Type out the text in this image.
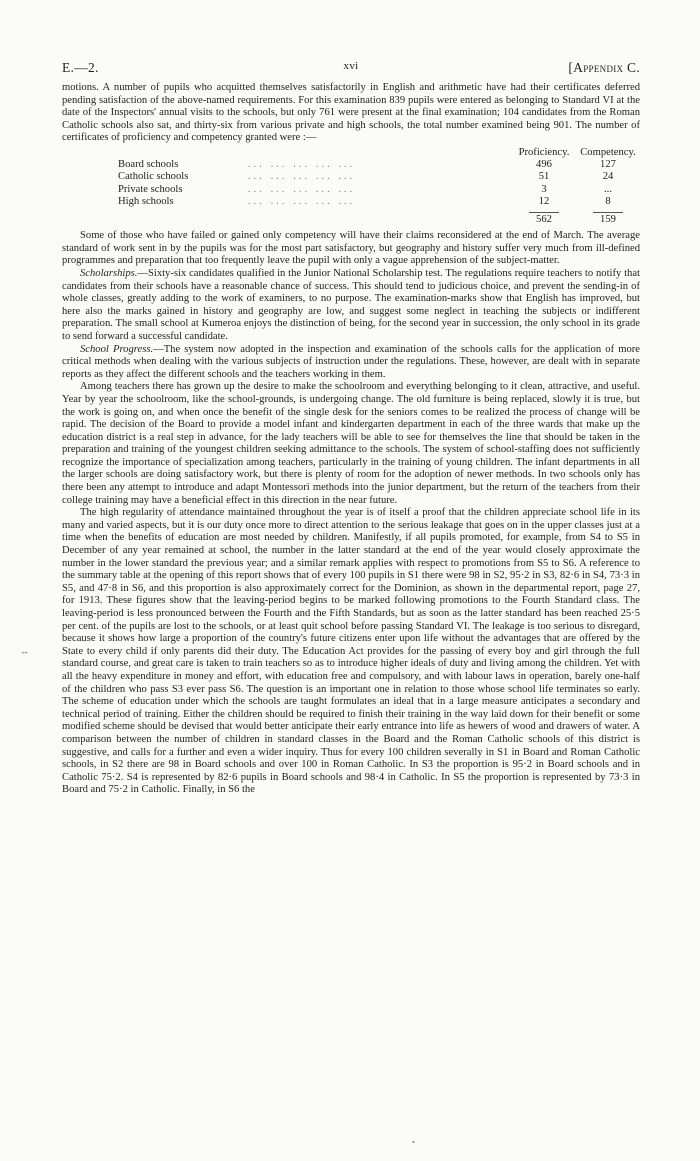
E.—2.	xvi	[Appendix C.

motions. A number of pupils who acquitted themselves satisfactorily in English and arithmetic have had their certificates deferred pending satisfaction of the above-named requirements. For this examination 839 pupils were entered as belonging to Standard VI at the date of the Inspectors' annual visits to the schools, but only 761 were present at the final examination; 104 candidates from the Roman Catholic schools also sat, and thirty-six from various private and high schools, the total number examined being 901. The number of certificates of proficiency and competency granted were :—

		Proficiency.	Competency.
Board schools	... ... ... ... ...	496	127
Catholic schools	... ... ... ... ...	51	24
Private schools	... ... ... ... ...	3	...
High schools	... ... ... ... ...	12	8

562	159

Some of those who have failed or gained only competency will have their claims reconsidered at the end of March. The average standard of work sent in by the pupils was for the most part satisfactory, but geography and history suffer very much from ill-defined programmes and preparation that too frequently leave the pupil with only a vague apprehension of the subject-matter.

Scholarships.—Sixty-six candidates qualified in the Junior National Scholarship test. The regulations require teachers to notify that candidates from their schools have a reasonable chance of success. This should tend to judicious choice, and prevent the sending-in of whole classes, greatly adding to the work of examiners, to no purpose. The examination-marks show that English has improved, but here also the marks gained in history and geography are low, and suggest some neglect in teaching the subjects or indifferent preparation. The small school at Kumeroa enjoys the distinction of being, for the second year in succession, the only school in its grade to send forward a successful candidate.

School Progress.—The system now adopted in the inspection and examination of the schools calls for the application of more critical methods when dealing with the various subjects of instruction under the regulations. These, however, are dealt with in separate reports as they affect the different schools and the teachers working in them.

Among teachers there has grown up the desire to make the schoolroom and everything belonging to it clean, attractive, and useful. Year by year the schoolroom, like the school-grounds, is undergoing change. The old furniture is being replaced, slowly it is true, but the work is going on, and when once the benefit of the single desk for the seniors comes to be realized the process of change will be rapid. The decision of the Board to provide a model infant and kindergarten department in each of the three wards that make up the education district is a real step in advance, for the lady teachers will be able to see for themselves the line that should be taken in the preparation and training of the youngest children seeking admittance to the schools. The system of school-staffing does not sufficiently recognize the importance of specialization among teachers, particularly in the training of young children. The infant departments in all the larger schools are doing satisfactory work, but there is plenty of room for the adoption of newer methods. In two schools only has there been any attempt to introduce and adapt Montessori methods into the junior department, but the return of the teachers from their college training may have a beneficial effect in this direction in the near future.

The high regularity of attendance maintained throughout the year is of itself a proof that the children appreciate school life in its many and varied aspects, but it is our duty once more to direct attention to the serious leakage that goes on in the upper classes just at a time when the benefits of education are most needed by children. Manifestly, if all pupils promoted, for example, from S4 to S5 in December of any year remained at school, the number in the latter standard at the end of the year would closely approximate the number in the lower standard the previous year; and a similar remark applies with respect to promotions from S5 to S6. A reference to the summary table at the opening of this report shows that of every 100 pupils in S1 there were 98 in S2, 95·2 in S3, 82·6 in S4, 73·3 in S5, and 47·8 in S6, and this proportion is also approximately correct for the Dominion, as shown in the departmental report, page 27, for 1913. These figures show that the leaving-period begins to be marked following promotions to the Fourth Standard class. The leaving-period is less pronounced between the Fourth and the Fifth Standards, but as soon as the latter standard has been reached 25·5 per cent. of the pupils are lost to the schools, or at least quit school before passing Standard VI. The leakage is too serious to disregard, because it shows how large a proportion of the country's future citizens enter upon life without the advantages that are offered by the State to every child if only parents did their duty. The Education Act provides for the passing of every boy and girl through the full standard course, and great care is taken to train teachers so as to introduce higher ideals of duty and living among the children. Yet with all the heavy expenditure in money and effort, with education free and compulsory, and with labour laws in operation, barely one-half of the children who pass S3 ever pass S6. The question is an important one in relation to those whose school life terminates so early. The scheme of education under which the schools are taught formulates an ideal that in a large measure anticipates a secondary and technical period of training. Either the children should be required to finish their training in the way laid down for their benefit or some modified scheme should be devised that would better anticipate their early entrance into life as hewers of wood and drawers of water. A comparison between the number of children in standard classes in the Board and the Roman Catholic schools of this district is suggestive, and calls for a further and even a wider inquiry. Thus for every 100 children severally in S1 in Board and Roman Catholic schools, in S2 there are 98 in Board schools and over 100 in Roman Catholic. In S3 the proportion is 95·2 in Board schools and in Catholic 75·2. S4 is represented by 82·6 pupils in Board schools and 98·4 in Catholic. In S5 the proportion is represented by 73·3 in Board and 75·2 in Catholic. Finally, in S6 the

↔
•
